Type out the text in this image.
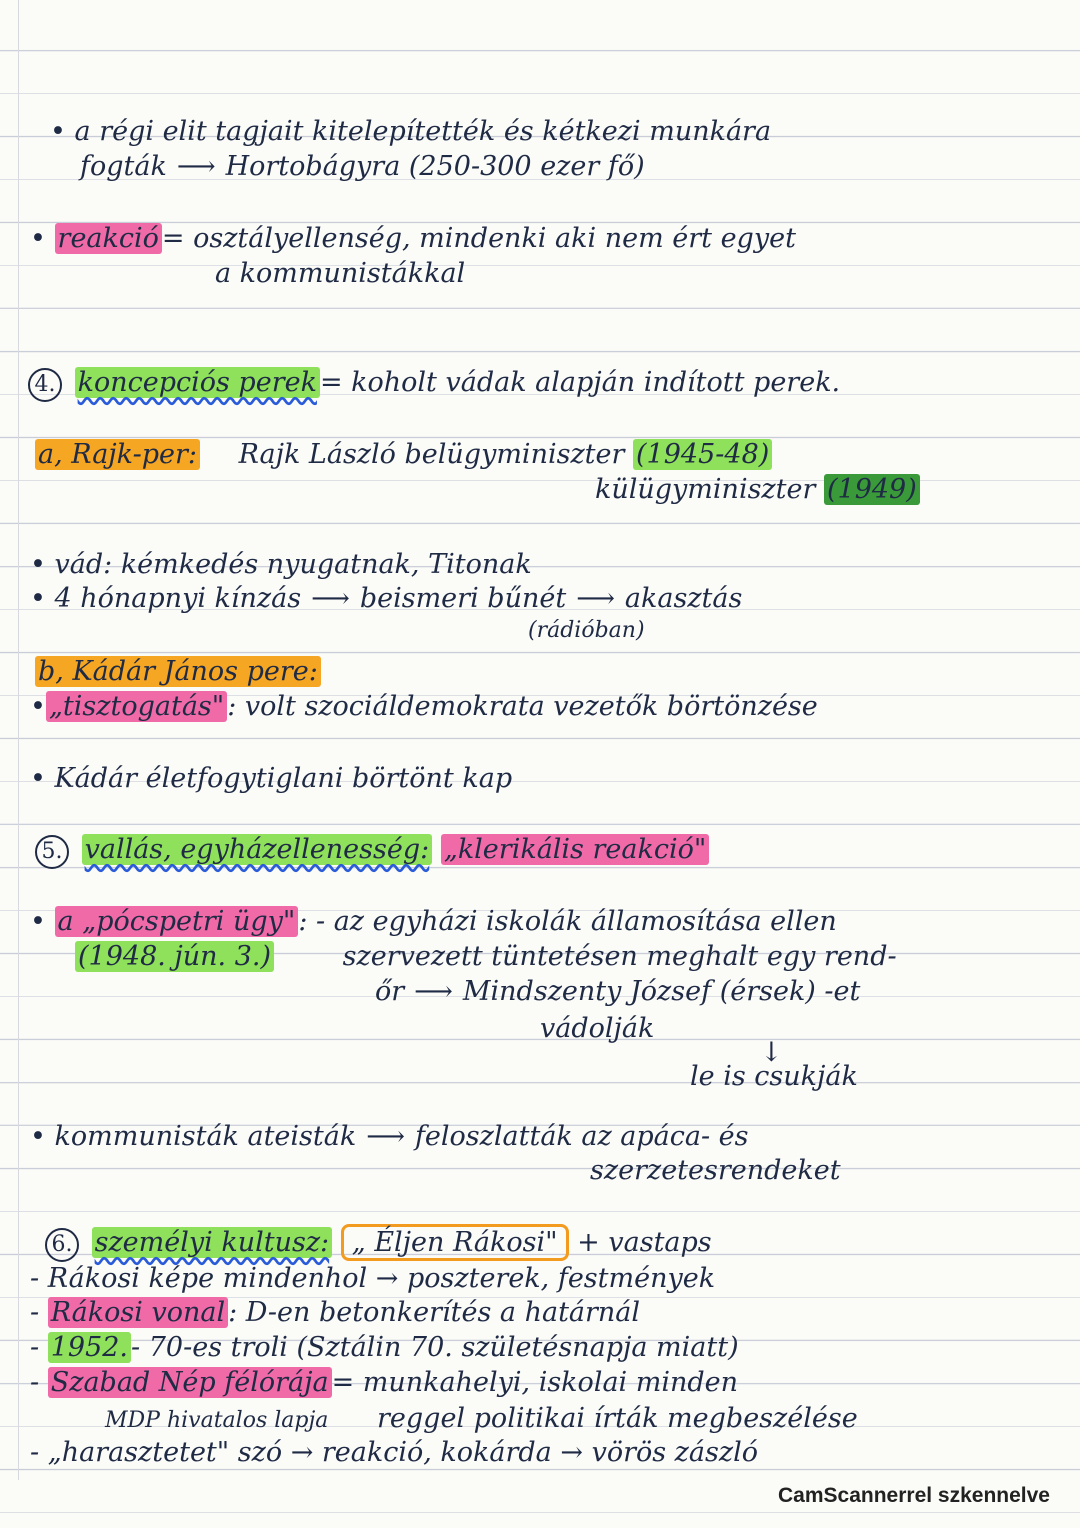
• a régi elit tagjait kitelepítették és kétkezi munkára
fogták ⟶ Hortobágyra (250-300 ezer fő)
• reakció = osztályellenség, mindenki aki nem ért egyet
a kommunistákkal
4. koncepciós perek = koholt vádak alapján indított perek.
a, Rajk-per: Rajk László belügyminiszter (1945-48)
külügyminiszter (1949)
• vád: kémkedés nyugatnak, Titonak
• 4 hónapnyi kínzás ⟶ beismeri bűnét ⟶ akasztás
(rádióban)
b, Kádár János pere:
• „tisztogatás" : volt szociáldemokrata vezetők börtönzése
• Kádár életfogytiglani börtönt kap
5. vallás, egyházellenesség: „klerikális reakció"
• a „pócspetri ügy" : - az egyházi iskolák államosítása ellen
(1948. jún. 3.)	szervezett tüntetésen meghalt egy rend-
őr ⟶ Mindszenty József (érsek) -et
vádolják
↓
le is csukják
• kommunisták ateisták ⟶ feloszlatták az apáca- és
szerzetesrendeket
6. személyi kultusz: „ Éljen Rákosi" + vastaps
- Rákosi képe mindenhol → poszterek, festmények
- Rákosi vonal : D-en betonkerítés a határnál
- 1952. - 70-es troli (Sztálin 70. születésnapja miatt)
- Szabad Nép félórája = munkahelyi, iskolai minden
MDP hivatalos lapja reggel politikai írták megbeszélése
- „harasztetet" szó → reakció, kokárda → vörös zászló
CamScannerrel szkennelve
